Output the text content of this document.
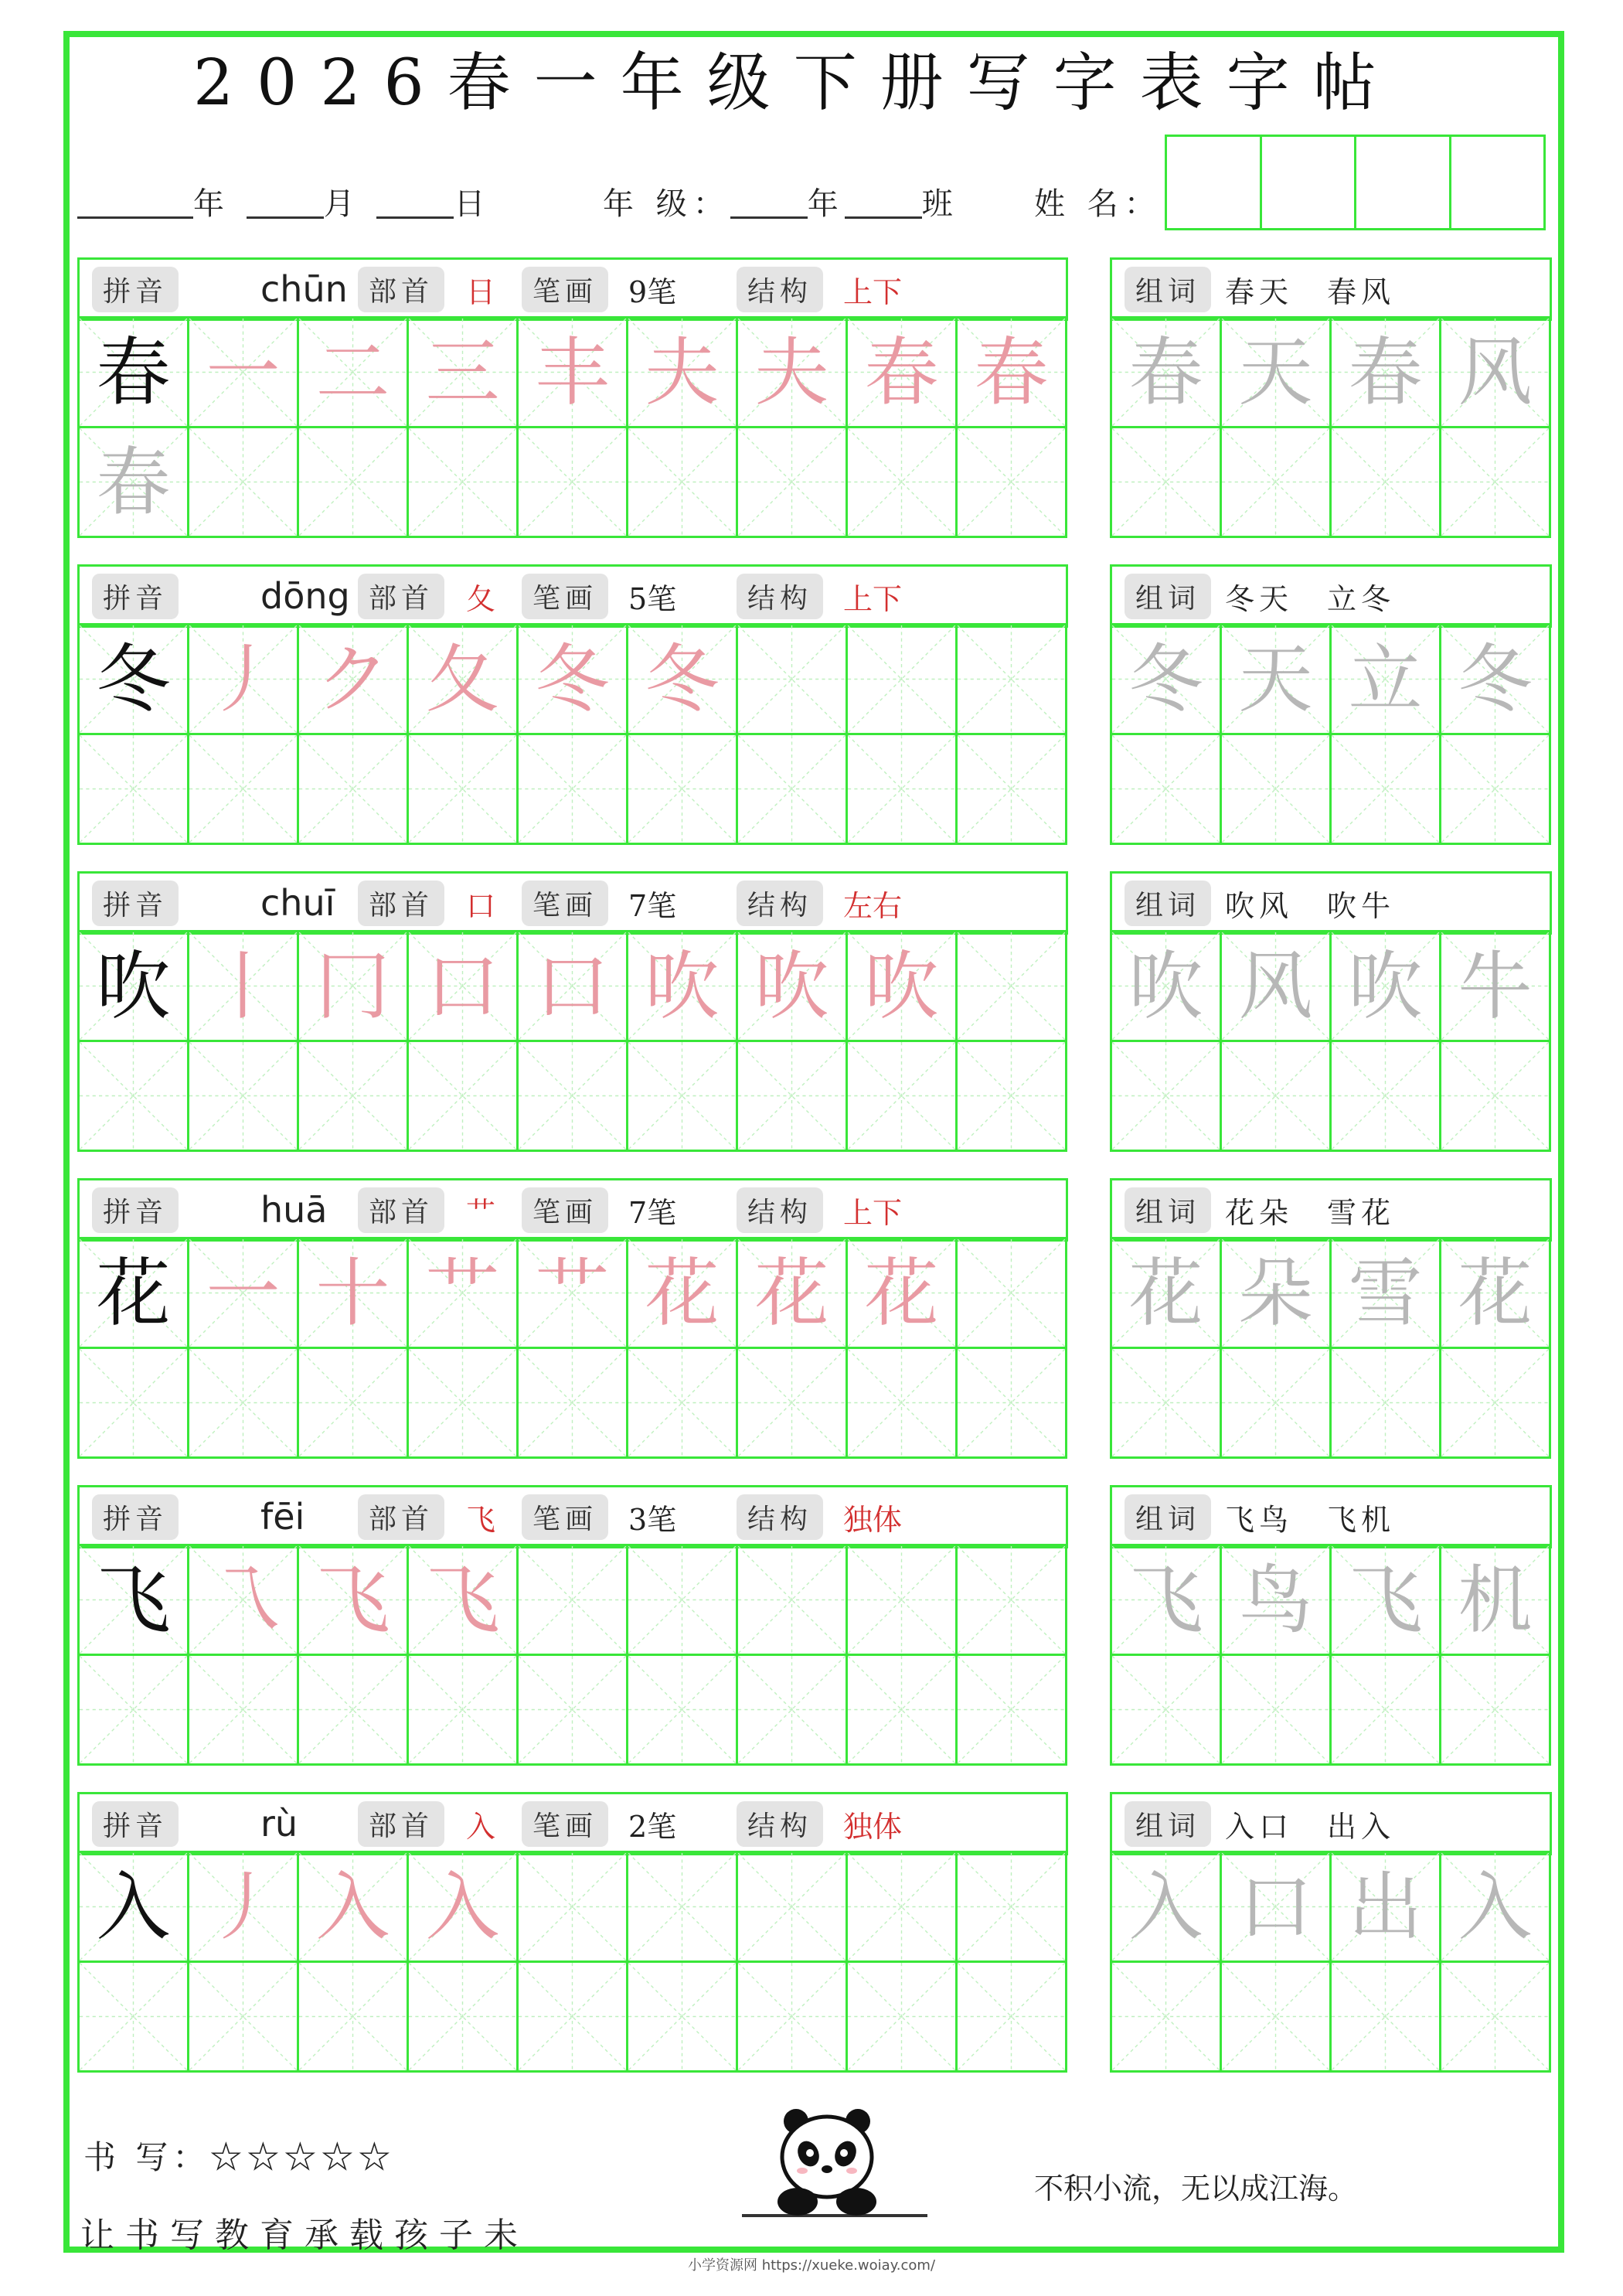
2026春一年级下册写字表字帖
年	月	日	年 级：	年	班 姓 名：
拼音	chūn 部首	日	笔画	9笔	结构	上下
春 一 二 三 丰 夫 夫 春 春
春
组词 春天　春风
春 天 春 风
拼音	dōng 部首	夂	笔画	5笔	结构	上下
冬 丿 ク 夂 冬 冬
组词 冬天　立冬
冬 天 立 冬
拼音	chuī	部首	口	笔画	7笔	结构	左右
吹 丨 冂 口 口 吹 吹 吹
组词 吹风　吹牛
吹 风 吹 牛
拼音	huā	部首	艹	笔画	7笔	结构	上下
花 一 十 艹 艹 花 花 花
组词 花朵　雪花
花 朵 雪 花
拼音	fēi	部首	飞	笔画	3笔	结构	独体
飞 乁 飞 飞
组词 飞鸟　飞机
飞 鸟 飞 机
拼音	rù	部首	入	笔画	2笔	结构	独体
入 丿 入 入
组词 入口　出入
入 口 出 入
书 写：☆☆☆☆☆
让书写教育承载孩子未
不积小流，无以成江海。
小学资源网 https://xueke.woiay.com/
